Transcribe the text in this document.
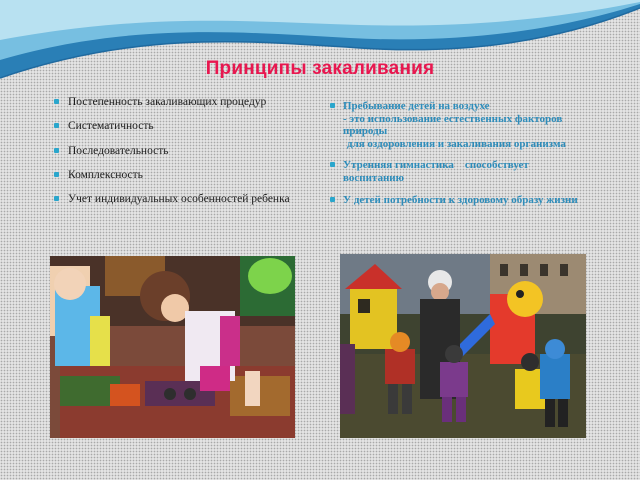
Принципы закаливания
Постепенность закаливающих процедур
Систематичность
Последовательность
Комплексность
Учет индивидуальных особенностей ребенка
Пребывание детей на воздухе
- это использование естественных факторов
природы
для оздоровления и закаливания организма
Утренняя гимнастика    способствует
воспитанию
У детей потребности к здоровому образу жизни
